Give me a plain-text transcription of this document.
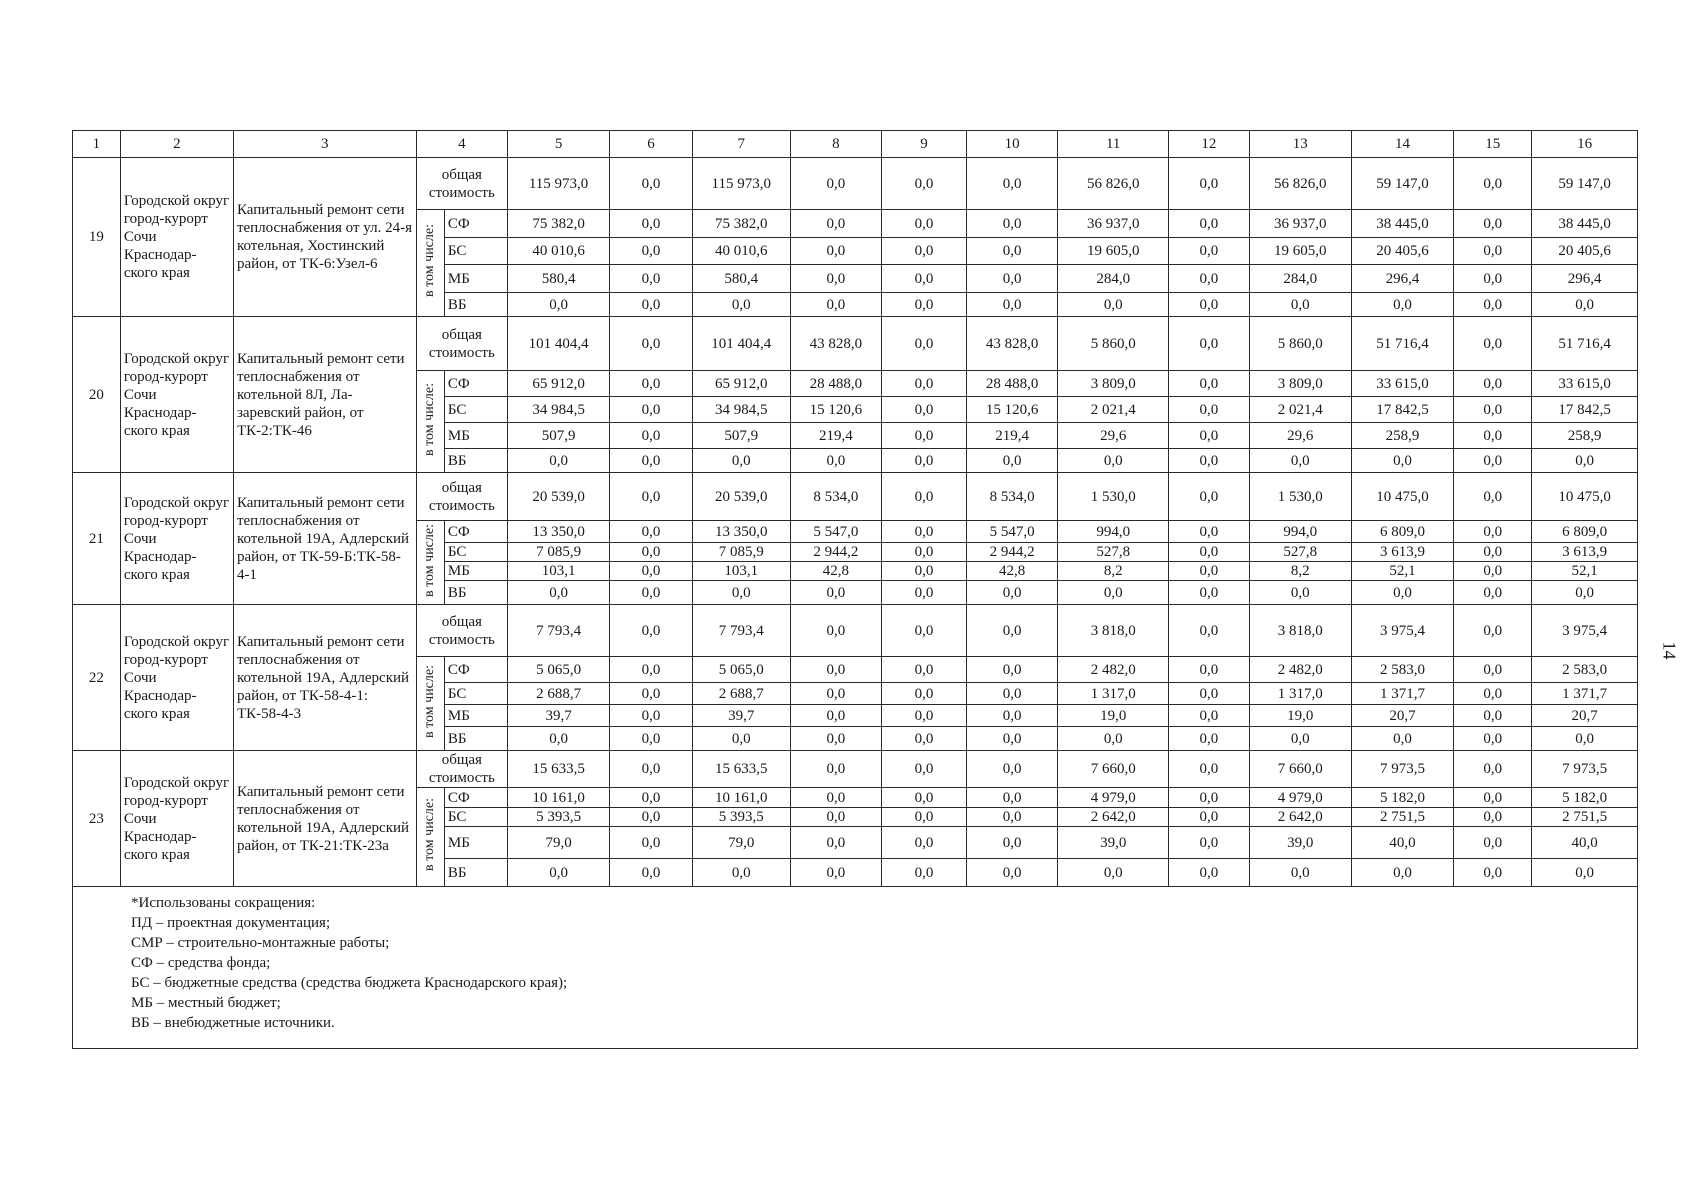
1	2	3	4		5	6	7	8	9	10	11	12	13	14	15	16
19	Городской округ город-курорт Сочи Краснодар-ского края	Капитальный ремонт сети теплоснабжения от ул. 24-я котельная, Хостинский район, от ТК-6:Узел-6	общая стоимость		115 973,0	0,0	115 973,0	0,0	0,0	0,0	56 826,0	0,0	56 826,0	59 147,0	0,0	59 147,0
			в том числе:	СФ	75 382,0	0,0	75 382,0	0,0	0,0	0,0	36 937,0	0,0	36 937,0	38 445,0	0,0	38 445,0
				БС	40 010,6	0,0	40 010,6	0,0	0,0	0,0	19 605,0	0,0	19 605,0	20 405,6	0,0	20 405,6
				МБ	580,4	0,0	580,4	0,0	0,0	0,0	284,0	0,0	284,0	296,4	0,0	296,4
				ВБ	0,0	0,0	0,0	0,0	0,0	0,0	0,0	0,0	0,0	0,0	0,0	0,0
20	Городской округ город-курорт Сочи Краснодар-ского края	Капитальный ремонт сети теплоснабжения от котельной 8Л, Ла-заревский район, от ТК-2:ТК-46	общая стоимость		101 404,4	0,0	101 404,4	43 828,0	0,0	43 828,0	5 860,0	0,0	5 860,0	51 716,4	0,0	51 716,4
			в том числе:	СФ	65 912,0	0,0	65 912,0	28 488,0	0,0	28 488,0	3 809,0	0,0	3 809,0	33 615,0	0,0	33 615,0
				БС	34 984,5	0,0	34 984,5	15 120,6	0,0	15 120,6	2 021,4	0,0	2 021,4	17 842,5	0,0	17 842,5
				МБ	507,9	0,0	507,9	219,4	0,0	219,4	29,6	0,0	29,6	258,9	0,0	258,9
				ВБ	0,0	0,0	0,0	0,0	0,0	0,0	0,0	0,0	0,0	0,0	0,0	0,0
21	Городской округ город-курорт Сочи Краснодар-ского края	Капитальный ремонт сети теплоснабжения от котельной 19А, Адлерский район, от ТК-59-Б:ТК-58-4-1	общая стоимость		20 539,0	0,0	20 539,0	8 534,0	0,0	8 534,0	1 530,0	0,0	1 530,0	10 475,0	0,0	10 475,0
			в том числе:	СФ	13 350,0	0,0	13 350,0	5 547,0	0,0	5 547,0	994,0	0,0	994,0	6 809,0	0,0	6 809,0
				БС	7 085,9	0,0	7 085,9	2 944,2	0,0	2 944,2	527,8	0,0	527,8	3 613,9	0,0	3 613,9
				МБ	103,1	0,0	103,1	42,8	0,0	42,8	8,2	0,0	8,2	52,1	0,0	52,1
				ВБ	0,0	0,0	0,0	0,0	0,0	0,0	0,0	0,0	0,0	0,0	0,0	0,0
22	Городской округ город-курорт Сочи Краснодар-ского края	Капитальный ремонт сети теплоснабжения от котельной 19А, Адлерский район, от ТК-58-4-1: ТК-58-4-3	общая стоимость		7 793,4	0,0	7 793,4	0,0	0,0	0,0	3 818,0	0,0	3 818,0	3 975,4	0,0	3 975,4
			в том числе:	СФ	5 065,0	0,0	5 065,0	0,0	0,0	0,0	2 482,0	0,0	2 482,0	2 583,0	0,0	2 583,0
				БС	2 688,7	0,0	2 688,7	0,0	0,0	0,0	1 317,0	0,0	1 317,0	1 371,7	0,0	1 371,7
				МБ	39,7	0,0	39,7	0,0	0,0	0,0	19,0	0,0	19,0	20,7	0,0	20,7
				ВБ	0,0	0,0	0,0	0,0	0,0	0,0	0,0	0,0	0,0	0,0	0,0	0,0
23	Городской округ город-курорт Сочи Краснодар-ского края	Капитальный ремонт сети теплоснабжения от котельной 19А, Адлерский район, от ТК-21:ТК-23а	общая стоимость		15 633,5	0,0	15 633,5	0,0	0,0	0,0	7 660,0	0,0	7 660,0	7 973,5	0,0	7 973,5
			в том числе:	СФ	10 161,0	0,0	10 161,0	0,0	0,0	0,0	4 979,0	0,0	4 979,0	5 182,0	0,0	5 182,0
				БС	5 393,5	0,0	5 393,5	0,0	0,0	0,0	2 642,0	0,0	2 642,0	2 751,5	0,0	2 751,5
				МБ	79,0	0,0	79,0	0,0	0,0	0,0	39,0	0,0	39,0	40,0	0,0	40,0
				ВБ	0,0	0,0	0,0	0,0	0,0	0,0	0,0	0,0	0,0	0,0	0,0	0,0
*Использованы сокращения:
ПД – проектная документация;
СМР – строительно-монтажные работы;
СФ – средства фонда;
БС – бюджетные средства (средства бюджета Краснодарского края);
МБ – местный бюджет;
ВБ – внебюджетные источники.
14
